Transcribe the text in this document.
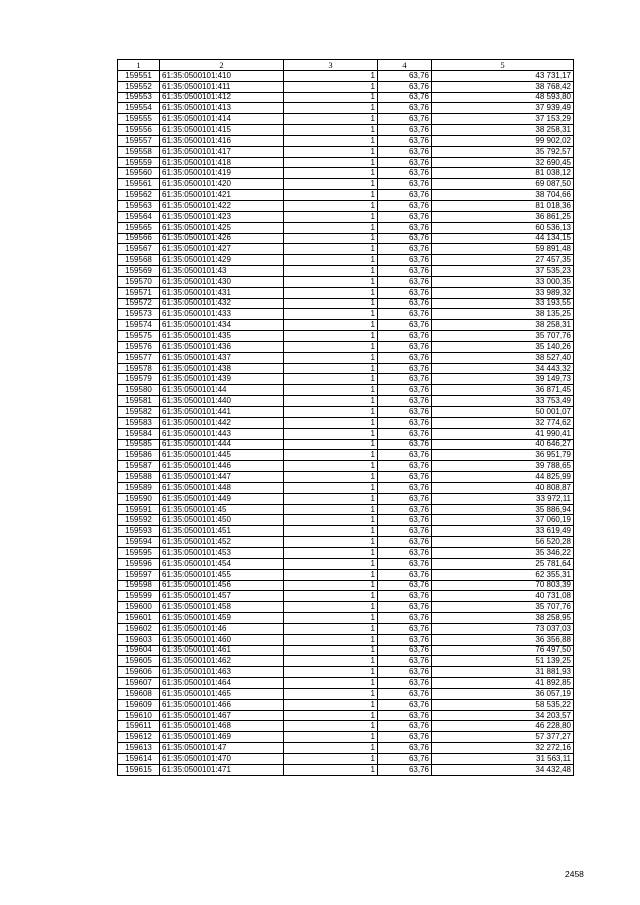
1	2	3	4	5
159551	61:35:0500101:410	1	63,76	43 731,17
159552	61:35:0500101:411	1	63,76	38 768,42
159553	61:35:0500101:412	1	63,76	48 593,80
159554	61:35:0500101:413	1	63,76	37 939,49
159555	61:35:0500101:414	1	63,76	37 153,29
159556	61:35:0500101:415	1	63,76	38 258,31
159557	61:35:0500101:416	1	63,76	99 902,02
159558	61:35:0500101:417	1	63,76	35 792,57
159559	61:35:0500101:418	1	63,76	32 690,45
159560	61:35:0500101:419	1	63,76	81 038,12
159561	61:35:0500101:420	1	63,76	69 087,50
159562	61:35:0500101:421	1	63,76	38 704,66
159563	61:35:0500101:422	1	63,76	81 018,36
159564	61:35:0500101:423	1	63,76	36 861,25
159565	61:35:0500101:425	1	63,76	60 536,13
159566	61:35:0500101:426	1	63,76	44 134,15
159567	61:35:0500101:427	1	63,76	59 891,48
159568	61:35:0500101:429	1	63,76	27 457,35
159569	61:35:0500101:43	1	63,76	37 535,23
159570	61:35:0500101:430	1	63,76	33 000,35
159571	61:35:0500101:431	1	63,76	33 989,32
159572	61:35:0500101:432	1	63,76	33 193,55
159573	61:35:0500101:433	1	63,76	38 135,25
159574	61:35:0500101:434	1	63,76	38 258,31
159575	61:35:0500101:435	1	63,76	35 707,76
159576	61:35:0500101:436	1	63,76	35 140,26
159577	61:35:0500101:437	1	63,76	38 527,40
159578	61:35:0500101:438	1	63,76	34 443,32
159579	61:35:0500101:439	1	63,76	39 149,73
159580	61:35:0500101:44	1	63,76	36 871,45
159581	61:35:0500101:440	1	63,76	33 753,49
159582	61:35:0500101:441	1	63,76	50 001,07
159583	61:35:0500101:442	1	63,76	32 774,62
159584	61:35:0500101:443	1	63,76	41 990,41
159585	61:35:0500101:444	1	63,76	40 646,27
159586	61:35:0500101:445	1	63,76	36 951,79
159587	61:35:0500101:446	1	63,76	39 788,65
159588	61:35:0500101:447	1	63,76	44 825,99
159589	61:35:0500101:448	1	63,76	40 808,87
159590	61:35:0500101:449	1	63,76	33 972,11
159591	61:35:0500101:45	1	63,76	35 886,94
159592	61:35:0500101:450	1	63,76	37 060,19
159593	61:35:0500101:451	1	63,76	33 619,49
159594	61:35:0500101:452	1	63,76	56 520,28
159595	61:35:0500101:453	1	63,76	35 346,22
159596	61:35:0500101:454	1	63,76	25 781,64
159597	61:35:0500101:455	1	63,76	62 355,31
159598	61:35:0500101:456	1	63,76	70 803,39
159599	61:35:0500101:457	1	63,76	40 731,08
159600	61:35:0500101:458	1	63,76	35 707,76
159601	61:35:0500101:459	1	63,76	38 258,95
159602	61:35:0500101:46	1	63,76	73 037,03
159603	61:35:0500101:460	1	63,76	36 356,88
159604	61:35:0500101:461	1	63,76	76 497,50
159605	61:35:0500101:462	1	63,76	51 139,25
159606	61:35:0500101:463	1	63,76	31 881,93
159607	61:35:0500101:464	1	63,76	41 892,85
159608	61:35:0500101:465	1	63,76	36 057,19
159609	61:35:0500101:466	1	63,76	58 535,22
159610	61:35:0500101:467	1	63,76	34 203,57
159611	61:35:0500101:468	1	63,76	46 228,80
159612	61:35:0500101:469	1	63,76	57 377,27
159613	61:35:0500101:47	1	63,76	32 272,16
159614	61:35:0500101:470	1	63,76	31 563,11
159615	61:35:0500101:471	1	63,76	34 432,48
2458
